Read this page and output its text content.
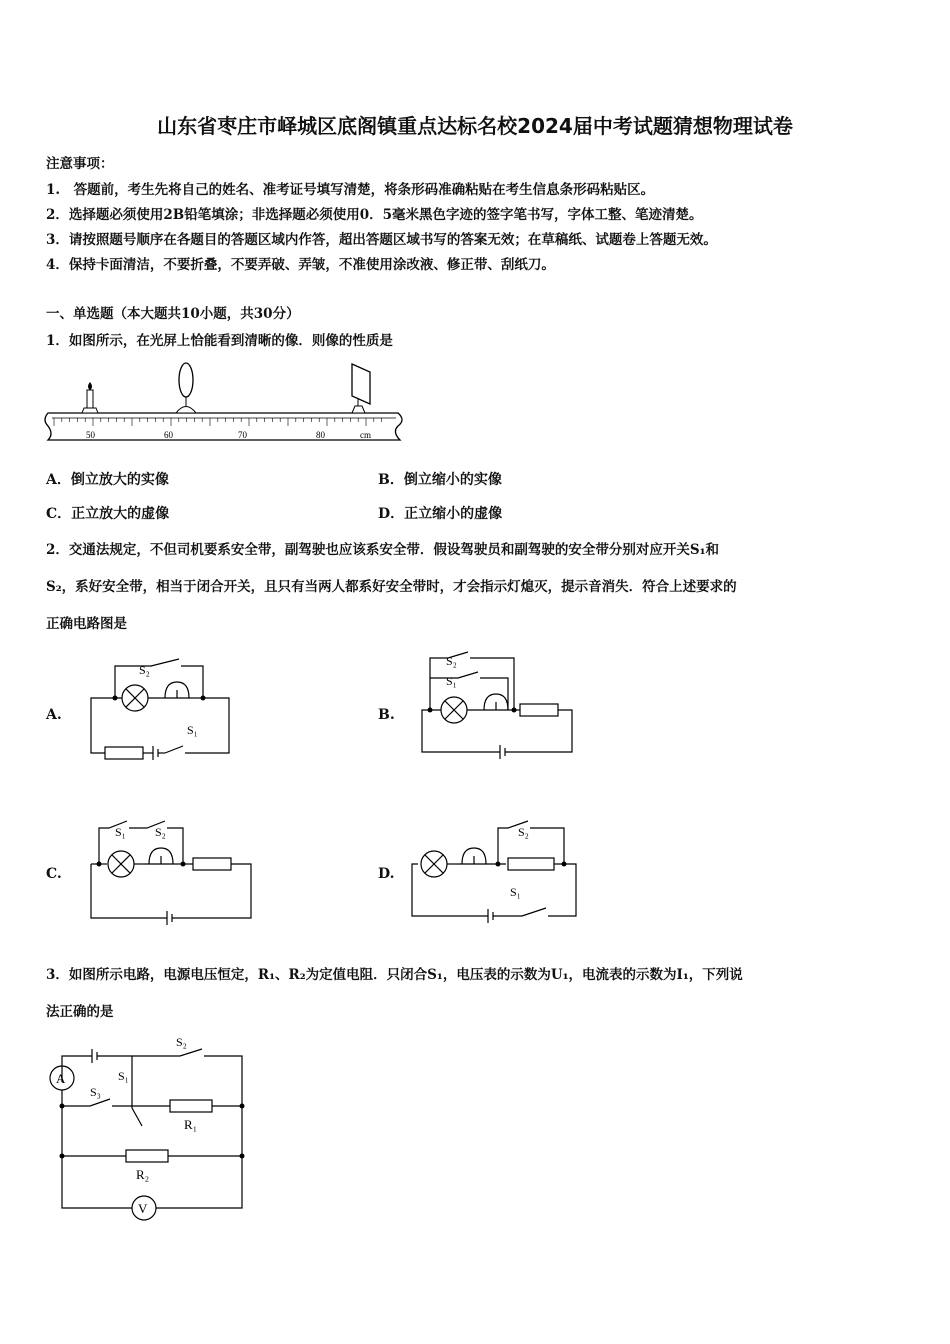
山东省枣庄市峄城区底阁镇重点达标名校2024届中考试题猜想物理试卷
注意事项：
1.　答题前，考生先将自己的姓名、准考证号填写清楚，将条形码准确粘贴在考生信息条形码粘贴区。
2．选择题必须使用2B铅笔填涂；非选择题必须使用0．5毫米黑色字迹的签字笔书写，字体工整、笔迹清楚。
3．请按照题号顺序在各题目的答题区域内作答，超出答题区域书写的答案无效；在草稿纸、试题卷上答题无效。
4．保持卡面清洁，不要折叠，不要弄破、弄皱，不准使用涂改液、修正带、刮纸刀。
一、单选题（本大题共10小题，共30分）
1．如图所示，在光屏上恰能看到清晰的像．则像的性质是
50	60	70	80	cm
A．倒立放大的实像	B．倒立缩小的实像
C．正立放大的虚像	D．正立缩小的虚像
2．交通法规定，不但司机要系安全带，副驾驶也应该系安全带．假设驾驶员和副驾驶的安全带分别对应开关S₁和
S₂，系好安全带，相当于闭合开关，且只有当两人都系好安全带时，才会指示灯熄灭，提示音消失．符合上述要求的
正确电路图是
A.	B.
C.	D.
S₂
S₁
S₂
S₁
S₁ S₂	S₂
S₁
3．如图所示电路，电源电压恒定，R₁、R₂为定值电阻．只闭合S₁，电压表的示数为U₁，电流表的示数为I₁，下列说
法正确的是
A
V
S₂
S₁
S₃
R₁
R₂
